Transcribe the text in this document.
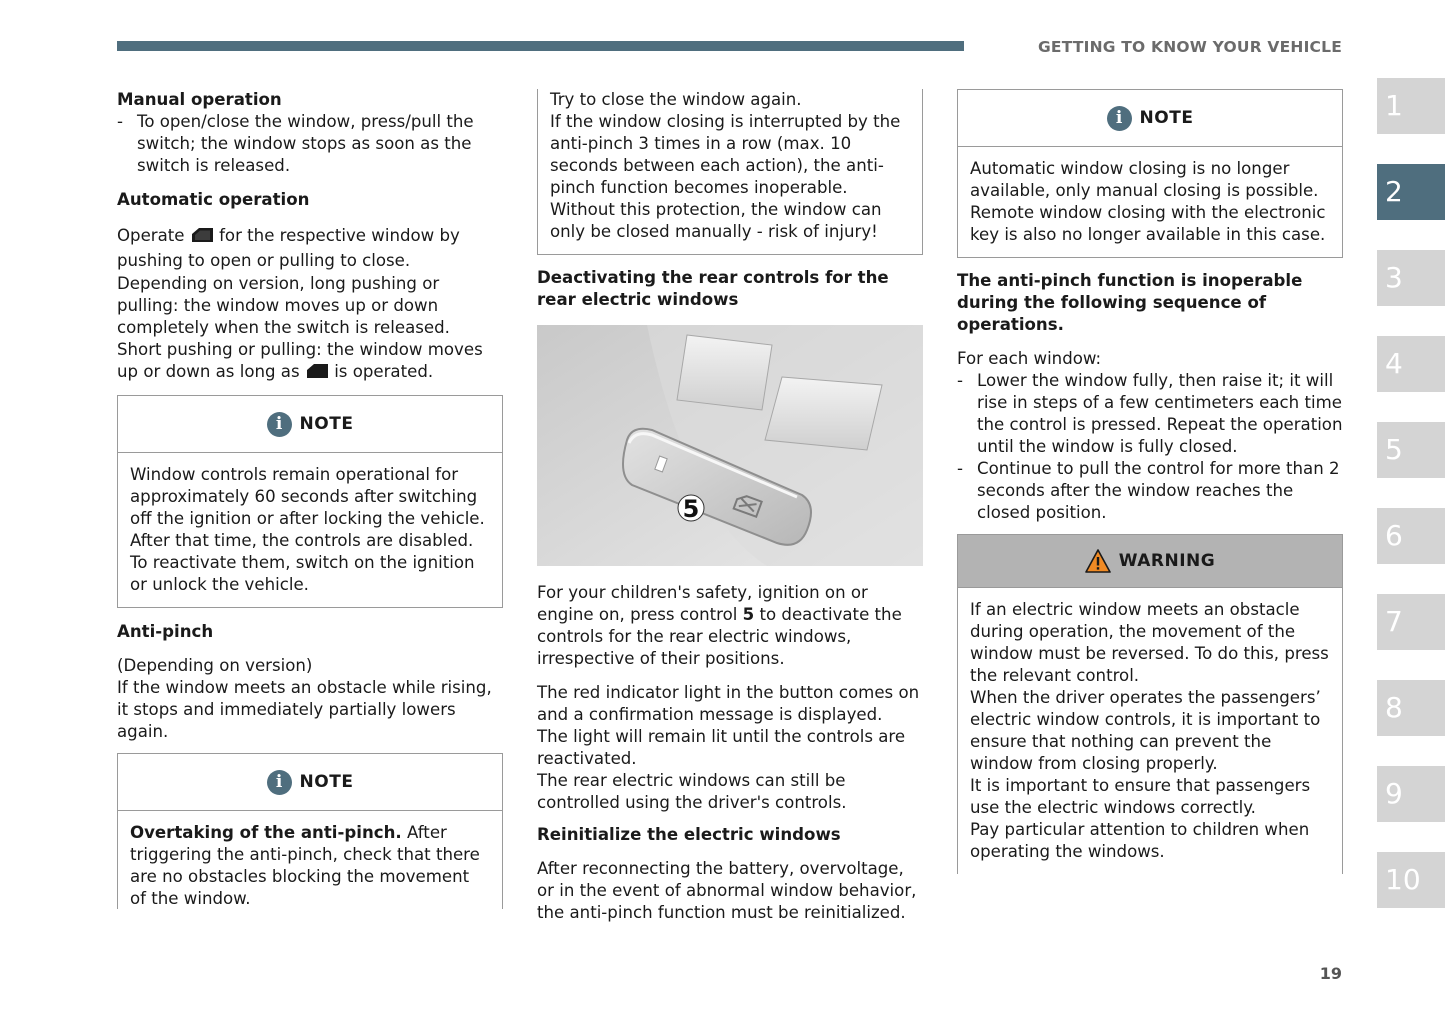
GETTING TO KNOW YOUR VEHICLE
Manual operation
- To open/close the window, press/pull the switch; the window stops as soon as the switch is released.
Automatic operation

Operate for the respective window by pushing to open or pulling to close.

Depending on version, long pushing or pulling: the window moves up or down completely when the switch is released.

Short pushing or pulling: the window moves up or down as long as is operated.

i	NOTE
Window controls remain operational for approximately 60 seconds after switching off the ignition or after locking the vehicle. After that time, the controls are disabled. To reactivate them, switch on the ignition or unlock the vehicle.
Anti-pinch

(Depending on version)

If the window meets an obstacle while rising, it stops and immediately partially lowers again.

i	NOTE
Overtaking of the anti-pinch. After triggering the anti-pinch, check that there are no obstacles blocking the movement of the window.

Try to close the window again.

If the window closing is interrupted by the anti-pinch 3 times in a row (max. 10 seconds between each action), the anti-pinch function becomes inoperable.

Without this protection, the window can only be closed manually - risk of injury!

Deactivating the rear controls for the rear electric windows
5

For your children's safety, ignition on or engine on, press control 5 to deactivate the controls for the rear electric windows, irrespective of their positions.

The red indicator light in the button comes on and a confirmation message is displayed.

The light will remain lit until the controls are reactivated.

The rear electric windows can still be controlled using the driver's controls.

Reinitialize the electric windows

After reconnecting the battery, overvoltage, or in the event of abnormal window behavior, the anti-pinch function must be reinitialized.

i	NOTE
Automatic window closing is no longer available, only manual closing is possible. Remote window closing with the electronic key is also no longer available in this case.
The anti-pinch function is inoperable during the following sequence of operations.

For each window:

- Lower the window fully, then raise it; it will rise in steps of a few centimeters each time the control is pressed. Repeat the operation until the window is fully closed.
- Continue to pull the control for more than 2 seconds after the window reaches the closed position.
WARNING

If an electric window meets an obstacle during operation, the movement of the window must be reversed. To do this, press the relevant control.

When the driver operates the passengers’ electric window controls, it is important to ensure that nothing can prevent the window from closing properly.

It is important to ensure that passengers use the electric windows correctly.

Pay particular attention to children when operating the windows.

1
2
3
4
5
6
7
8
9
10
19
